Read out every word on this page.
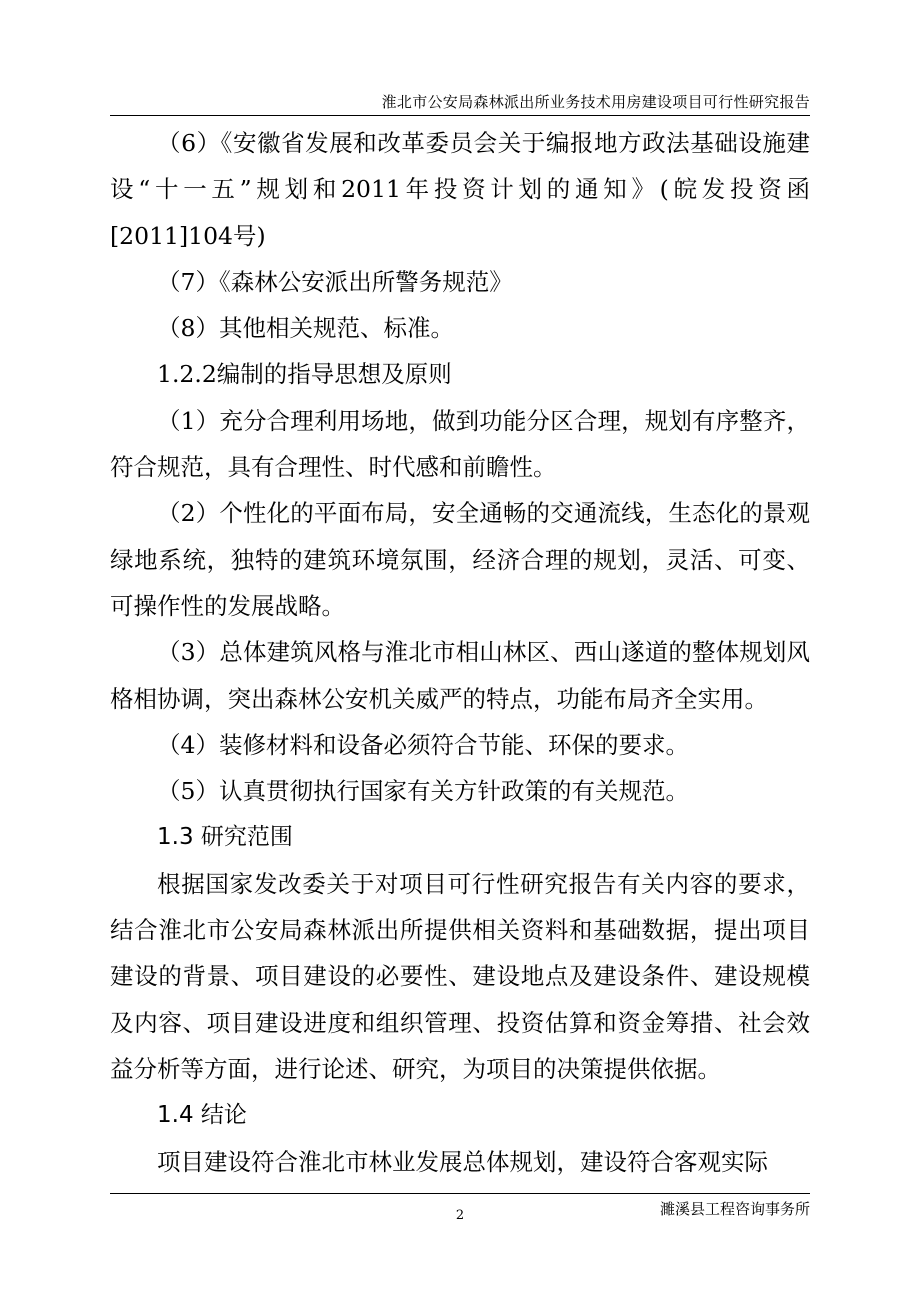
淮北市公安局森林派出所业务技术用房建设项目可行性研究报告

（6）《安徽省发展和改革委员会关于编报地方政法基础设施建设“十一五”规划和2011年投资计划的通知》(皖发投资函[2011]104号)

（7）《森林公安派出所警务规范》

（8）其他相关规范、标准。

1.2.2编制的指导思想及原则

（1）充分合理利用场地，做到功能分区合理，规划有序整齐，符合规范，具有合理性、时代感和前瞻性。

（2）个性化的平面布局，安全通畅的交通流线，生态化的景观绿地系统，独特的建筑环境氛围，经济合理的规划，灵活、可变、可操作性的发展战略。

（3）总体建筑风格与淮北市相山林区、西山遂道的整体规划风格相协调，突出森林公安机关威严的特点，功能布局齐全实用。

（4）装修材料和设备必须符合节能、环保的要求。

（5）认真贯彻执行国家有关方针政策的有关规范。

1.3 研究范围

根据国家发改委关于对项目可行性研究报告有关内容的要求，结合淮北市公安局森林派出所提供相关资料和基础数据，提出项目建设的背景、项目建设的必要性、建设地点及建设条件、建设规模及内容、项目建设进度和组织管理、投资估算和资金筹措、社会效益分析等方面，进行论述、研究，为项目的决策提供依据。

1.4 结论

项目建设符合淮北市林业发展总体规划，建设符合客观实际

2	濉溪县工程咨询事务所
